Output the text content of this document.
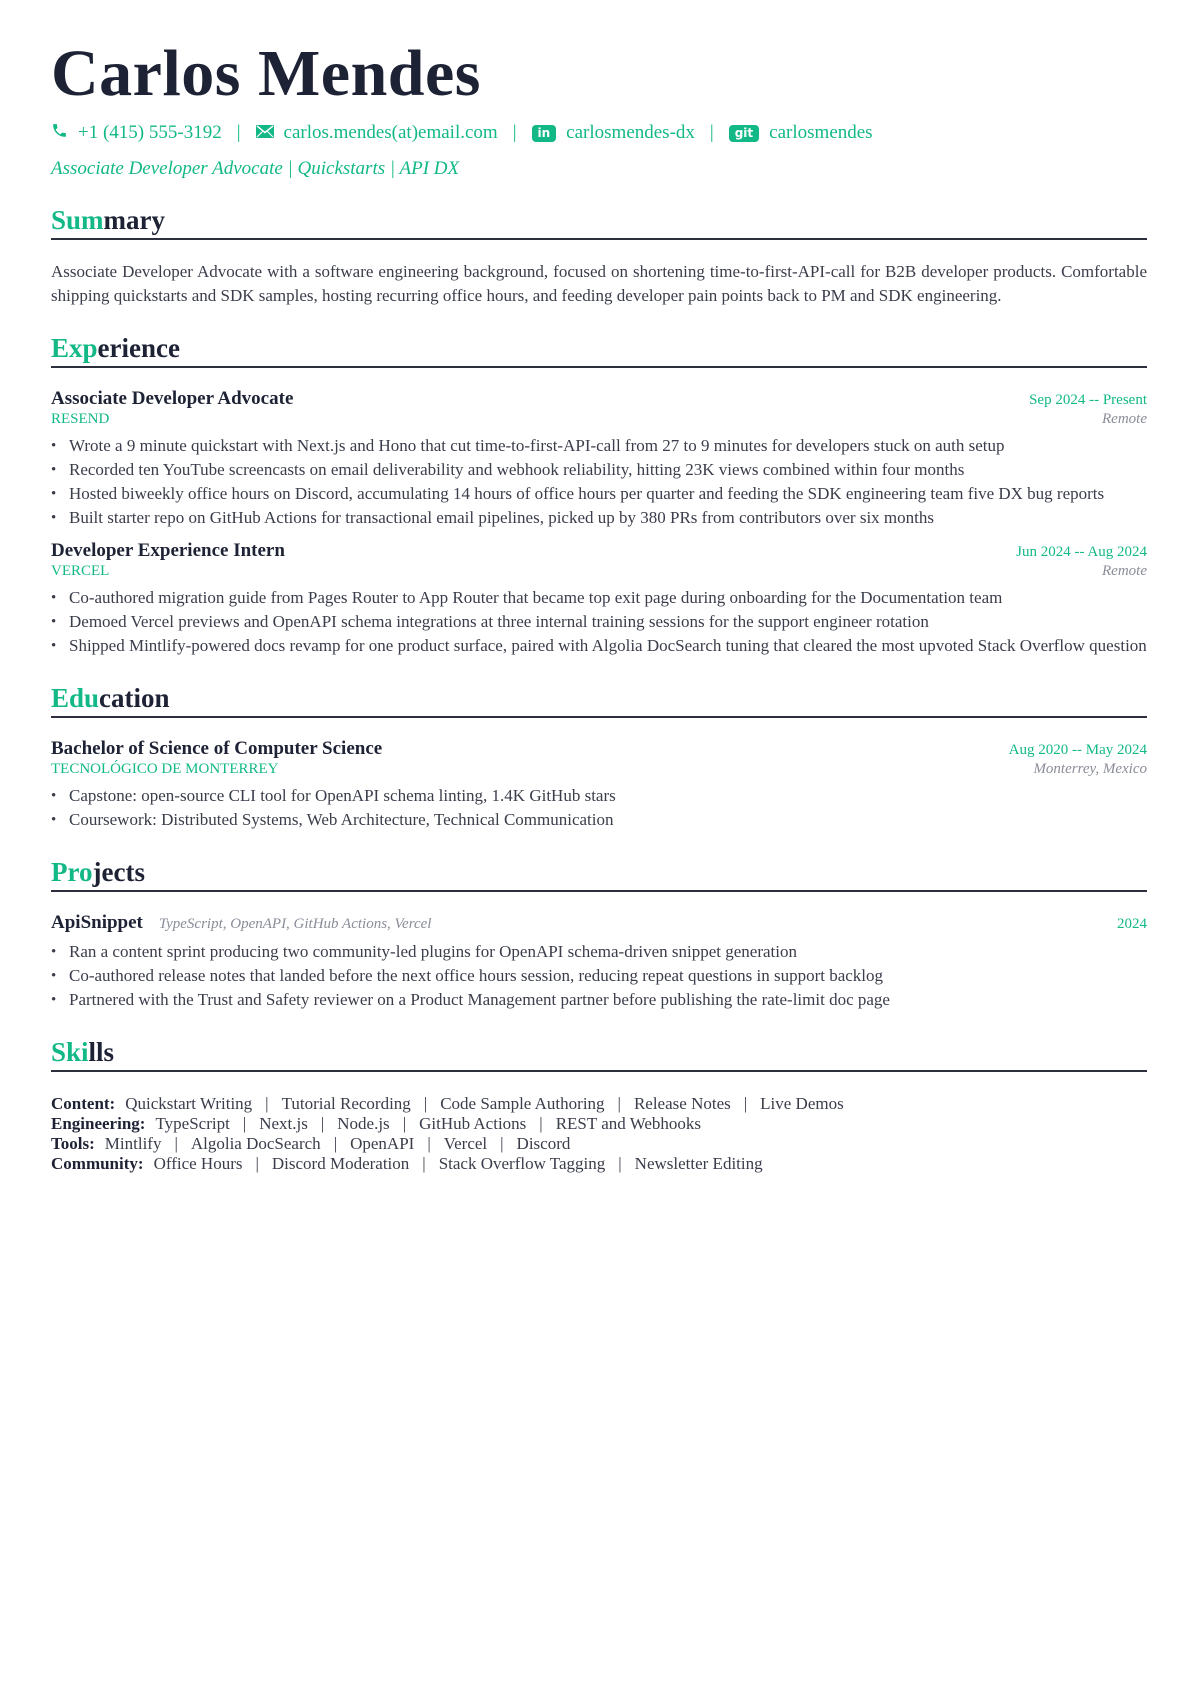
Carlos Mendes
+1 (415) 555-3192 | carlos.mendes(at)email.com |	in carlosmendes-dx |	git carlosmendes
Associate Developer Advocate | Quickstarts | API DX
Summary
Associate Developer Advocate with a software engineering background, focused on shortening time-to-first-API-call for B2B developer products. Comfortable shipping quickstarts and SDK samples, hosting recurring office hours, and feeding developer pain points back to PM and SDK engineering.
Experience
Associate Developer Advocate	Sep 2024 -- Present
RESEND	Remote
• Wrote a 9 minute quickstart with Next.js and Hono that cut time-to-first-API-call from 27 to 9 minutes for developers stuck on auth setup
• Recorded ten YouTube screencasts on email deliverability and webhook reliability, hitting 23K views combined within four months
• Hosted biweekly office hours on Discord, accumulating 14 hours of office hours per quarter and feeding the SDK engineering team five DX bug reports
• Built starter repo on GitHub Actions for transactional email pipelines, picked up by 380 PRs from contributors over six months
Developer Experience Intern	Jun 2024 -- Aug 2024
VERCEL	Remote
• Co-authored migration guide from Pages Router to App Router that became top exit page during onboarding for the Documentation team
• Demoed Vercel previews and OpenAPI schema integrations at three internal training sessions for the support engineer rotation
• Shipped Mintlify-powered docs revamp for one product surface, paired with Algolia DocSearch tuning that cleared the most upvoted Stack Overflow question
Education
Bachelor of Science of Computer Science	Aug 2020 -- May 2024
TECNOLÓGICO DE MONTERREY	Monterrey, Mexico
• Capstone: open-source CLI tool for OpenAPI schema linting, 1.4K GitHub stars
• Coursework: Distributed Systems, Web Architecture, Technical Communication
Projects
ApiSnippet TypeScript, OpenAPI, GitHub Actions, Vercel	2024
• Ran a content sprint producing two community-led plugins for OpenAPI schema-driven snippet generation
• Co-authored release notes that landed before the next office hours session, reducing repeat questions in support backlog
• Partnered with the Trust and Safety reviewer on a Product Management partner before publishing the rate-limit doc page
Skills
Content: Quickstart Writing | Tutorial Recording | Code Sample Authoring | Release Notes | Live Demos
Engineering: TypeScript | Next.js | Node.js | GitHub Actions | REST and Webhooks
Tools: Mintlify | Algolia DocSearch | OpenAPI | Vercel | Discord
Community: Office Hours | Discord Moderation | Stack Overflow Tagging | Newsletter Editing
